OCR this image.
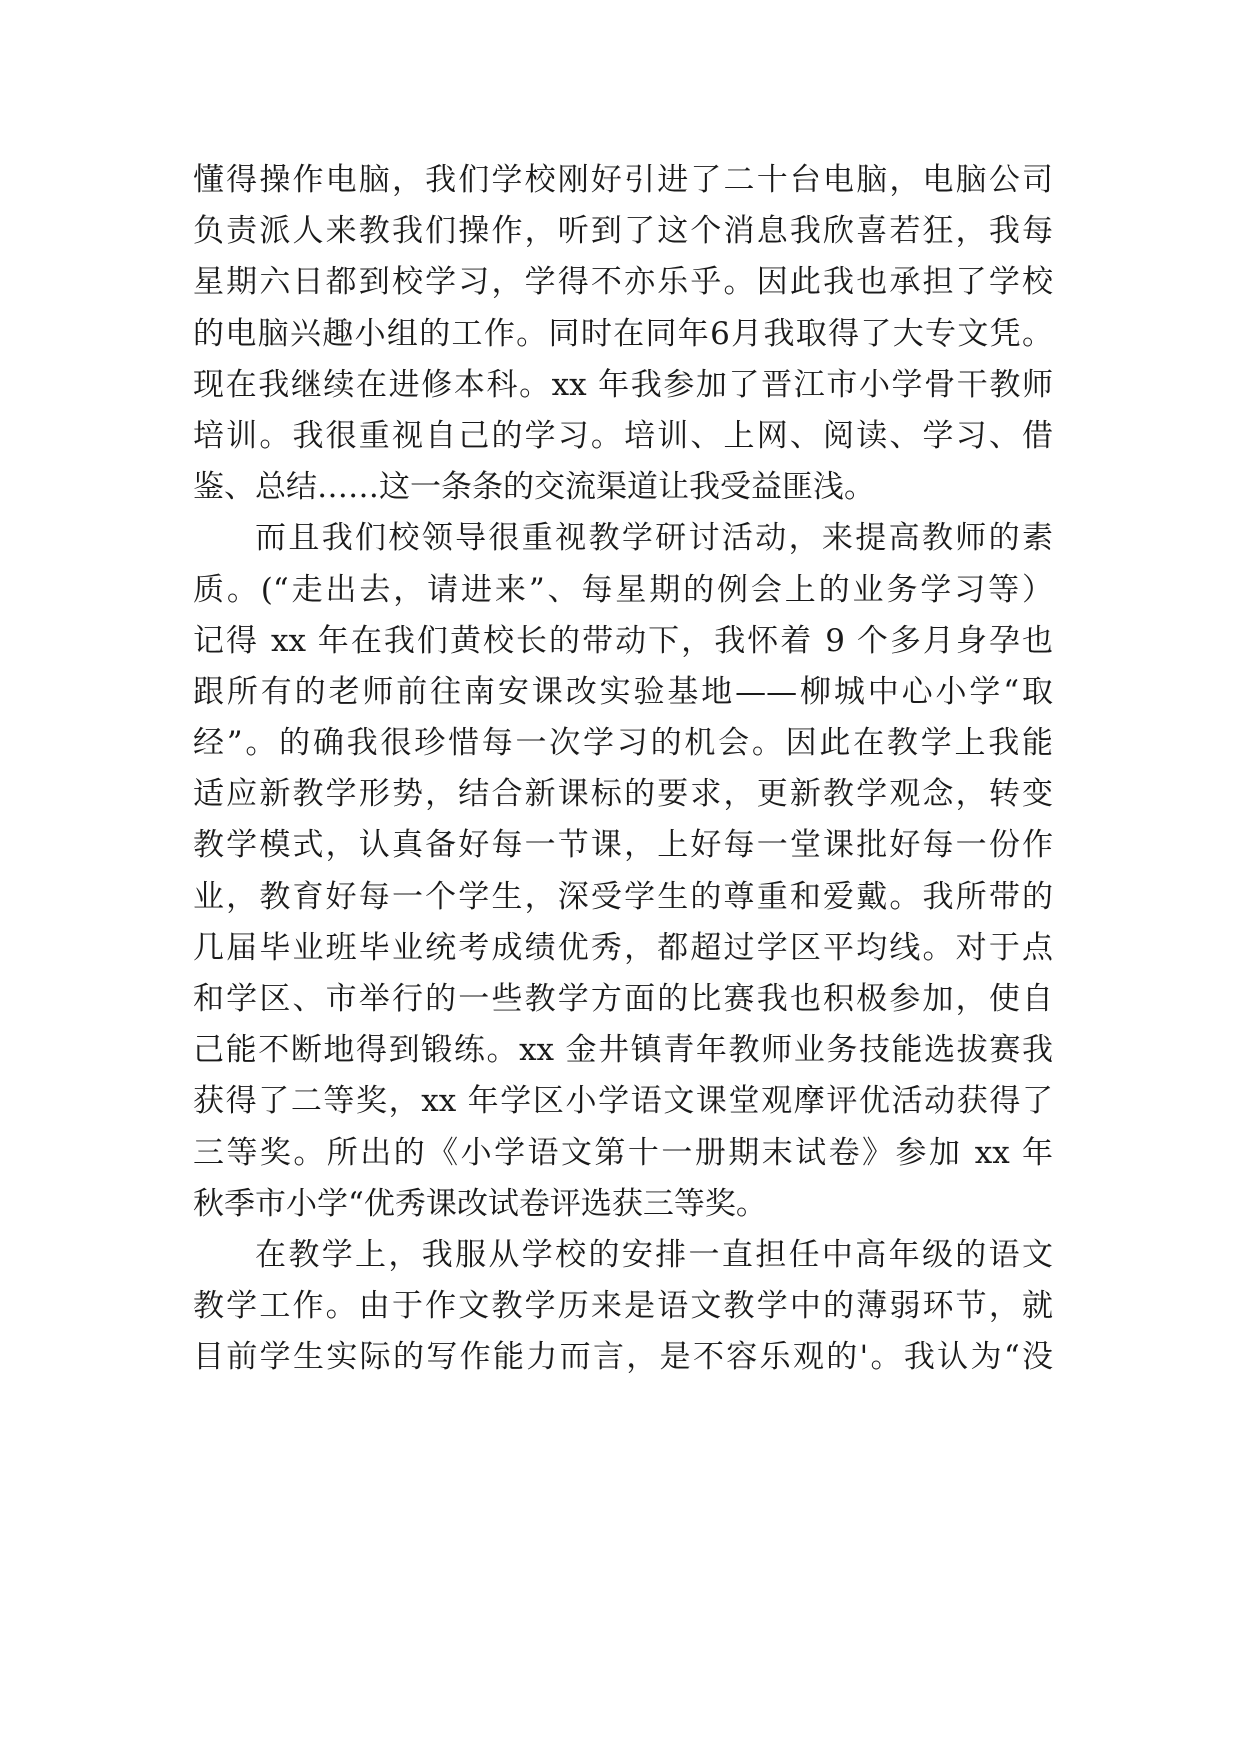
懂得操作电脑，我们学校刚好引进了二十台电脑，电脑公司
负责派人来教我们操作，听到了这个消息我欣喜若狂，我每
星期六日都到校学习，学得不亦乐乎。因此我也承担了学校
的电脑兴趣小组的工作。同时在同年6月我取得了大专文凭。
现在我继续在进修本科。xx 年我参加了晋江市小学骨干教师
培训。我很重视自己的学习。培训、上网、阅读、学习、借
鉴、总结……这一条条的交流渠道让我受益匪浅。
而且我们校领导很重视教学研讨活动，来提高教师的素
质。(“走出去，请进来”、每星期的例会上的业务学习等）
记得 xx 年在我们黄校长的带动下，我怀着 9 个多月身孕也
跟所有的老师前往南安课改实验基地——柳城中心小学“取
经”。的确我很珍惜每一次学习的机会。因此在教学上我能
适应新教学形势，结合新课标的要求，更新教学观念，转变
教学模式，认真备好每一节课，上好每一堂课批好每一份作
业，教育好每一个学生，深受学生的尊重和爱戴。我所带的
几届毕业班毕业统考成绩优秀，都超过学区平均线。对于点
和学区、市举行的一些教学方面的比赛我也积极参加，使自
己能不断地得到锻练。xx 金井镇青年教师业务技能选拔赛我
获得了二等奖，xx 年学区小学语文课堂观摩评优活动获得了
三等奖。所出的《小学语文第十一册期末试卷》参加 xx 年
秋季市小学“优秀课改试卷评选获三等奖。
在教学上，我服从学校的安排一直担任中高年级的语文
教学工作。由于作文教学历来是语文教学中的薄弱环节，就
目前学生实际的写作能力而言，是不容乐观的'。我认为“没
